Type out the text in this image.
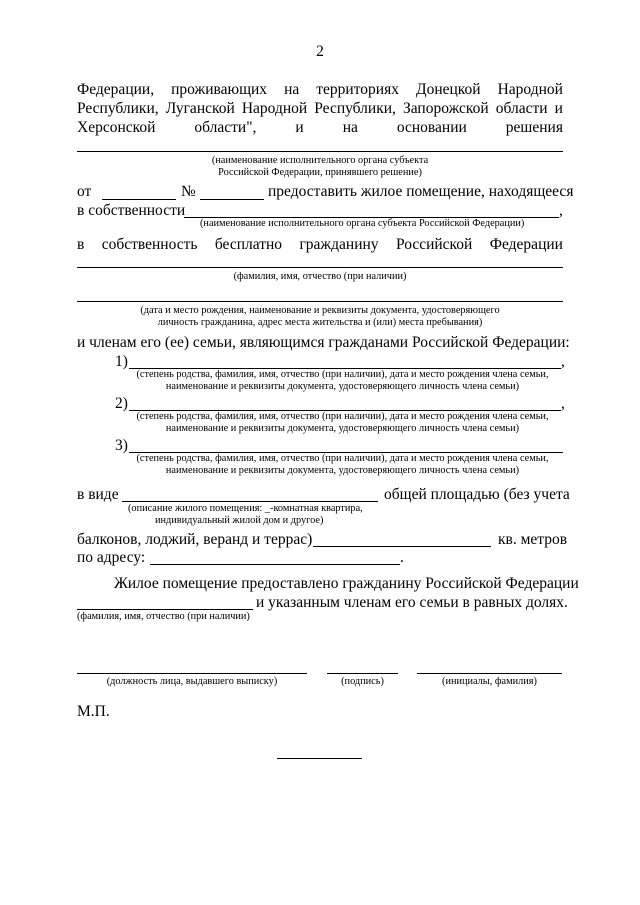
2
Федерации, проживающих на территориях Донецкой Народной
Республики, Луганской Народной Республики, Запорожской области и
Херсонской	области",	и	на	основании	решения
(наименование исполнительного органа субъекта
Российской Федерации, принявшего решение)
от	№	предоставить жилое помещение, находящееся
в собственности	,
(наименование исполнительного органа субъекта Российской Федерации)
в собственность бесплатно гражданину Российской Федерации
(фамилия, имя, отчество (при наличии)
(дата и место рождения, наименование и реквизиты документа, удостоверяющего
личность гражданина, адрес места жительства и (или) места пребывания)
и членам его (ее) семьи, являющимся гражданами Российской Федерации:
1)	,
(степень родства, фамилия, имя, отчество (при наличии), дата и место рождения члена семьи,
наименование и реквизиты документа, удостоверяющего личность члена семьи)
2)	,
(степень родства, фамилия, имя, отчество (при наличии), дата и место рождения члена семьи,
наименование и реквизиты документа, удостоверяющего личность члена семьи)
3)
(степень родства, фамилия, имя, отчество (при наличии), дата и место рождения члена семьи,
наименование и реквизиты документа, удостоверяющего личность члена семьи)
в виде	общей площадью (без учета
(описание жилого помещения: _-комнатная квартира,
индивидуальный жилой дом и другое)
балконов, лоджий, веранд и террас)	кв. метров
по адресу:	.
Жилое помещение предоставлено гражданину Российской Федерации
и указанным членам его семьи в равных долях.
(фамилия, имя, отчество (при наличии)
(должность лица, выдавшего выписку)	(подпись)	(инициалы, фамилия)
М.П.
